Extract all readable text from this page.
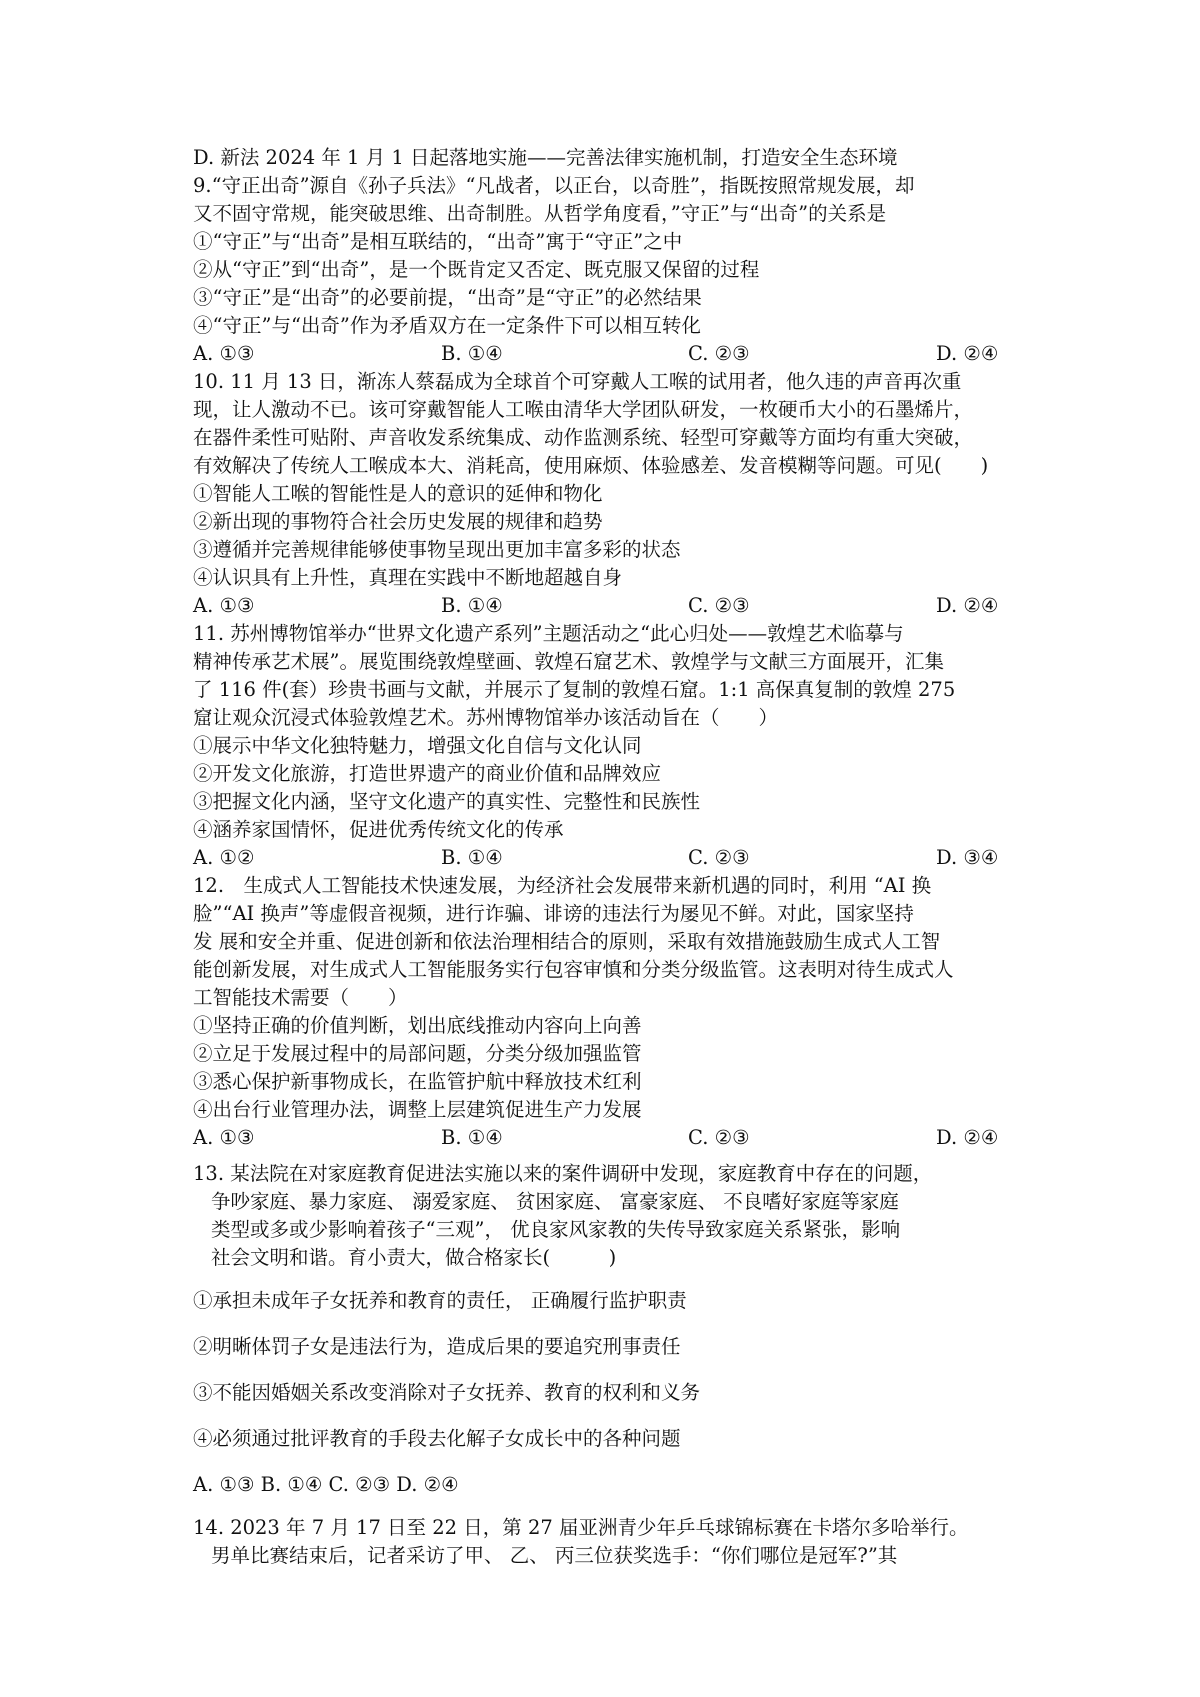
D. 新法 2024 年 1 月 1 日起落地实施——完善法律实施机制，打造安全生态环境

9.“守正出奇”源自《孙子兵法》“凡战者，以正台，以奇胜”，指既按照常规发展，却

又不固守常规，能突破思维、出奇制胜。从哲学角度看，”守正”与“出奇”的关系是

①“守正”与“出奇”是相互联结的，“出奇”寓于“守正”之中

②从“守正”到“出奇”，是一个既肯定又否定、既克服又保留的过程

③“守正”是“出奇”的必要前提，“出奇”是“守正”的必然结果

④“守正”与“出奇”作为矛盾双方在一定条件下可以相互转化

A. ①③	B. ①④	C. ②③	D. ②④

10. 11 月 13 日，渐冻人蔡磊成为全球首个可穿戴人工喉的试用者，他久违的声音再次重

现，让人激动不已。该可穿戴智能人工喉由清华大学团队研发，一枚硬币大小的石墨烯片，

在器件柔性可贴附、声音收发系统集成、动作监测系统、轻型可穿戴等方面均有重大突破，

有效解决了传统人工喉成本大、消耗高，使用麻烦、体验感差、发音模糊等问题。可见(　　)

①智能人工喉的智能性是人的意识的延伸和物化

②新出现的事物符合社会历史发展的规律和趋势

③遵循并完善规律能够使事物呈现出更加丰富多彩的状态

④认识具有上升性，真理在实践中不断地超越自身

A. ①③	B. ①④	C. ②③	D. ②④

11. 苏州博物馆举办“世界文化遗产系列”主题活动之“此心归处——敦煌艺术临摹与

精神传承艺术展”。展览围绕敦煌壁画、敦煌石窟艺术、敦煌学与文献三方面展开，汇集

了 116 件(套）珍贵书画与文献，并展示了复制的敦煌石窟。1:1 高保真复制的敦煌 275

窟让观众沉浸式体验敦煌艺术。苏州博物馆举办该活动旨在（　　）

①展示中华文化独特魅力，增强文化自信与文化认同

②开发文化旅游，打造世界遗产的商业价值和品牌效应

③把握文化内涵，坚守文化遗产的真实性、完整性和民族性

④涵养家国情怀，促进优秀传统文化的传承

A. ①②	B. ①④	C. ②③	D. ③④

12.　生成式人工智能技术快速发展，为经济社会发展带来新机遇的同时，利用 “AI 换

脸”“AI 换声”等虚假音视频，进行诈骗、诽谤的违法行为屡见不鲜。对此，国家坚持

发 展和安全并重、促进创新和依法治理相结合的原则，采取有效措施鼓励生成式人工智

能创新发展，对生成式人工智能服务实行包容审慎和分类分级监管。这表明对待生成式人

工智能技术需要（　　）

①坚持正确的价值判断，划出底线推动内容向上向善

②立足于发展过程中的局部问题，分类分级加强监管

③悉心保护新事物成长，在监管护航中释放技术红利

④出台行业管理办法，调整上层建筑促进生产力发展

A. ①③	B. ①④	C. ②③	D. ②④

13. 某法院在对家庭教育促进法实施以来的案件调研中发现，家庭教育中存在的问题，

争吵家庭、暴力家庭、 溺爱家庭、 贫困家庭、 富豪家庭、 不良嗜好家庭等家庭

类型或多或少影响着孩子“三观”， 优良家风家教的失传导致家庭关系紧张，影响

社会文明和谐。育小责大，做合格家长(　　　)

①承担未成年子女抚养和教育的责任， 正确履行监护职责

②明晰体罚子女是违法行为，造成后果的要追究刑事责任

③不能因婚姻关系改变消除对子女抚养、教育的权利和义务

④必须通过批评教育的手段去化解子女成长中的各种问题

A. ①③ B. ①④ C. ②③ D. ②④

14. 2023 年 7 月 17 日至 22 日，第 27 届亚洲青少年乒乓球锦标赛在卡塔尔多哈举行。

男单比赛结束后，记者采访了甲、 乙、 丙三位获奖选手：“你们哪位是冠军?”其
